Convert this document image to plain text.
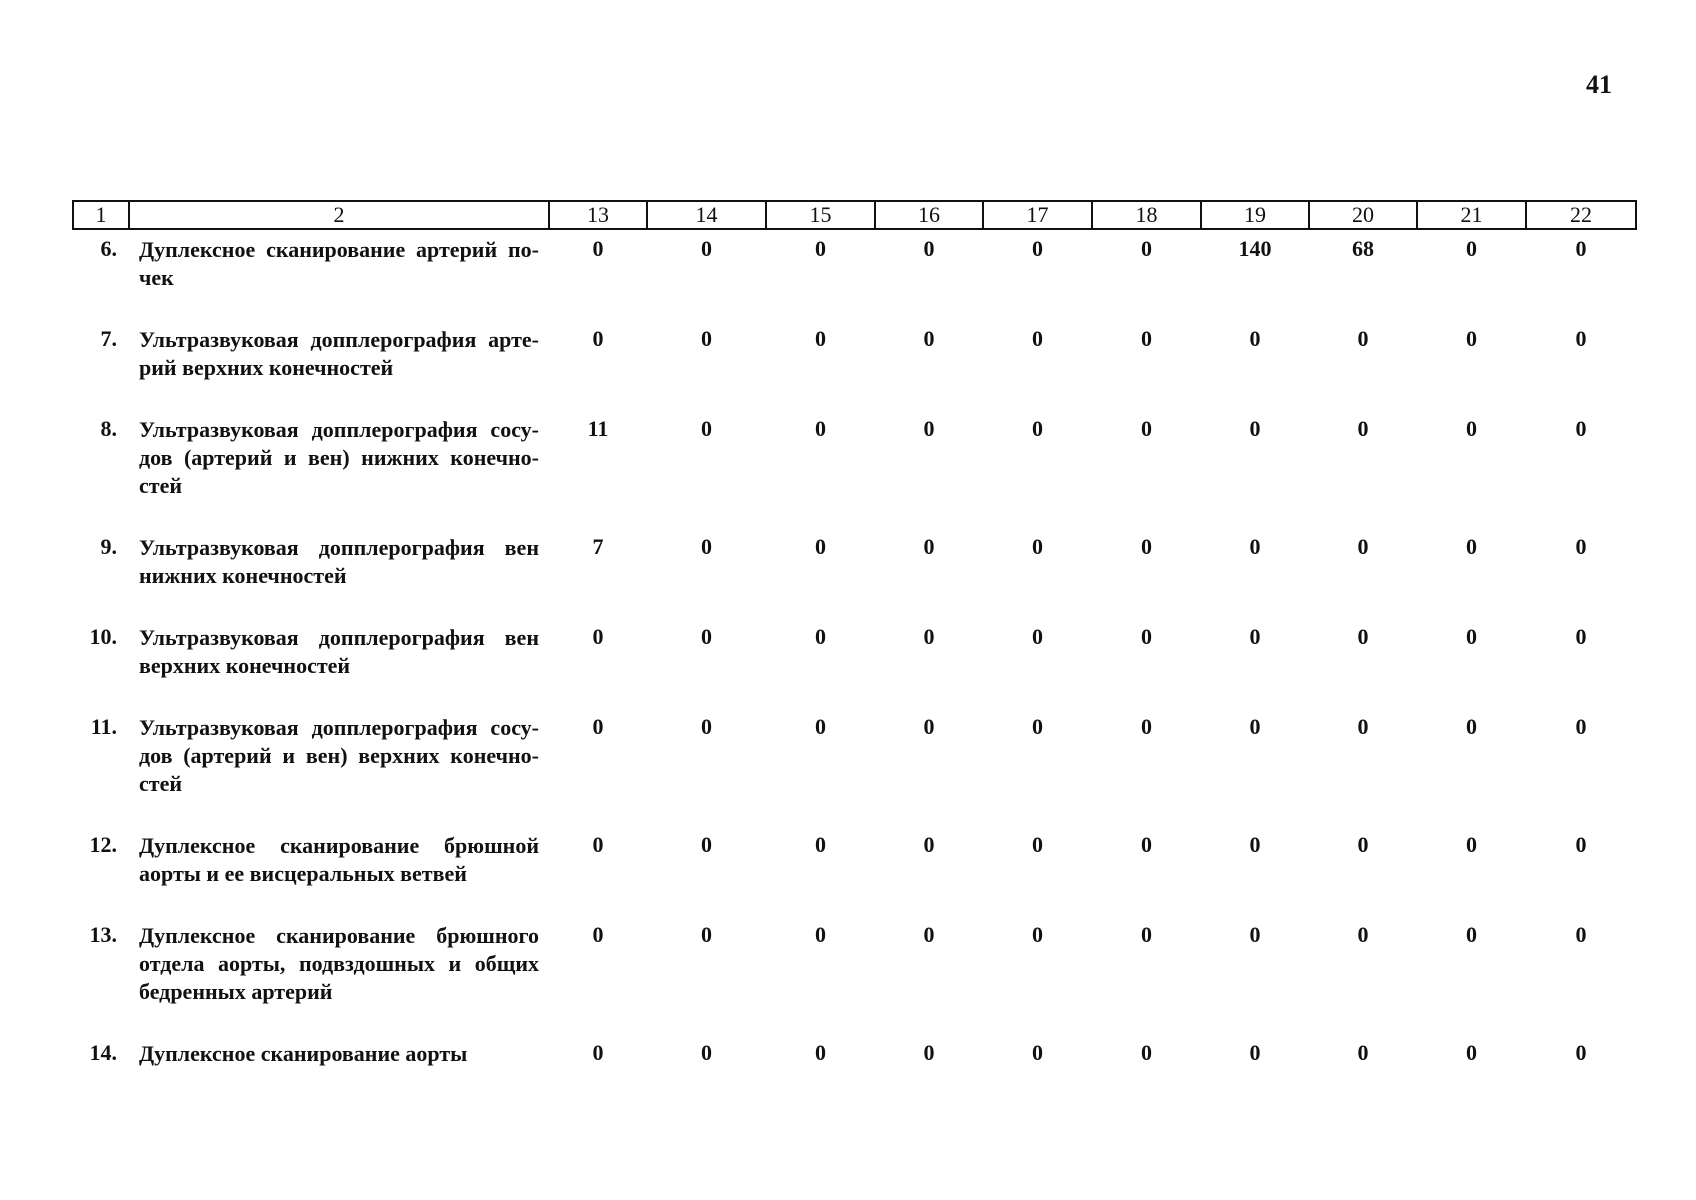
41
1	2	13	14	15	16	17	18	19	20	21	22
6.	Дуплексное сканирование артерий по-чек	0	0	0	0	0	0	140	68	0	0
7.	Ультразвуковая допплерография арте-рий верхних конечностей	0	0	0	0	0	0	0	0	0	0
8.	Ультразвуковая допплерография сосу-дов (артерий и вен) нижних конечно-стей	11	0	0	0	0	0	0	0	0	0
9.	Ультразвуковая допплерография вен нижних конечностей	7	0	0	0	0	0	0	0	0	0
10.	Ультразвуковая допплерография вен верхних конечностей	0	0	0	0	0	0	0	0	0	0
11.	Ультразвуковая допплерография сосу-дов (артерий и вен) верхних конечно-стей	0	0	0	0	0	0	0	0	0	0
12.	Дуплексное сканирование брюшной аорты и ее висцеральных ветвей	0	0	0	0	0	0	0	0	0	0
13.	Дуплексное сканирование брюшного отдела аорты, подвздошных и общих бедренных артерий	0	0	0	0	0	0	0	0	0	0
14.	Дуплексное сканирование аорты	0	0	0	0	0	0	0	0	0	0
